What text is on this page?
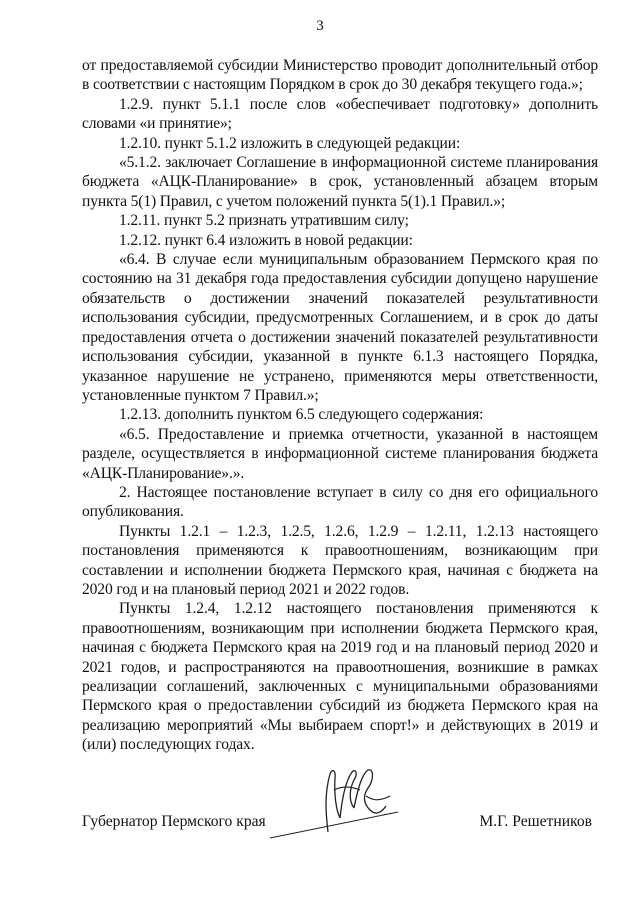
3

от предоставляемой субсидии Министерство проводит дополнительный отбор в соответствии с настоящим Порядком в срок до 30 декабря текущего года.»;

1.2.9. пункт 5.1.1 после слов «обеспечивает подготовку» дополнить словами «и принятие»;

1.2.10. пункт 5.1.2 изложить в следующей редакции:

«5.1.2. заключает Соглашение в информационной системе планирования бюджета «АЦК-Планирование» в срок, установленный абзацем вторым пункта 5(1) Правил, с учетом положений пункта 5(1).1 Правил.»;

1.2.11. пункт 5.2 признать утратившим силу;

1.2.12. пункт 6.4 изложить в новой редакции:

«6.4. В случае если муниципальным образованием Пермского края по состоянию на 31 декабря года предоставления субсидии допущено нарушение обязательств о достижении значений показателей результативности использования субсидии, предусмотренных Соглашением, и в срок до даты предоставления отчета о достижении значений показателей результативности использования субсидии, указанной в пункте 6.1.3 настоящего Порядка, указанное нарушение не устранено, применяются меры ответственности, установленные пунктом 7 Правил.»;

1.2.13. дополнить пунктом 6.5 следующего содержания:

«6.5. Предоставление и приемка отчетности, указанной в настоящем разделе, осуществляется в информационной системе планирования бюджета «АЦК-Планирование».».

2. Настоящее постановление вступает в силу со дня его официального опубликования.

Пункты 1.2.1 – 1.2.3, 1.2.5, 1.2.6, 1.2.9 – 1.2.11, 1.2.13 настоящего постановления применяются к правоотношениям, возникающим при составлении и исполнении бюджета Пермского края, начиная с бюджета на 2020 год и на плановый период 2021 и 2022 годов.

Пункты 1.2.4, 1.2.12 настоящего постановления применяются к правоотношениям, возникающим при исполнении бюджета Пермского края, начиная с бюджета Пермского края на 2019 год и на плановый период 2020 и 2021 годов, и распространяются на правоотношения, возникшие в рамках реализации соглашений, заключенных с муниципальными образованиями Пермского края о предоставлении субсидий из бюджета Пермского края на реализацию мероприятий «Мы выбираем спорт!» и действующих в 2019 и (или) последующих годах.

Губернатор Пермского края	М.Г. Решетников
